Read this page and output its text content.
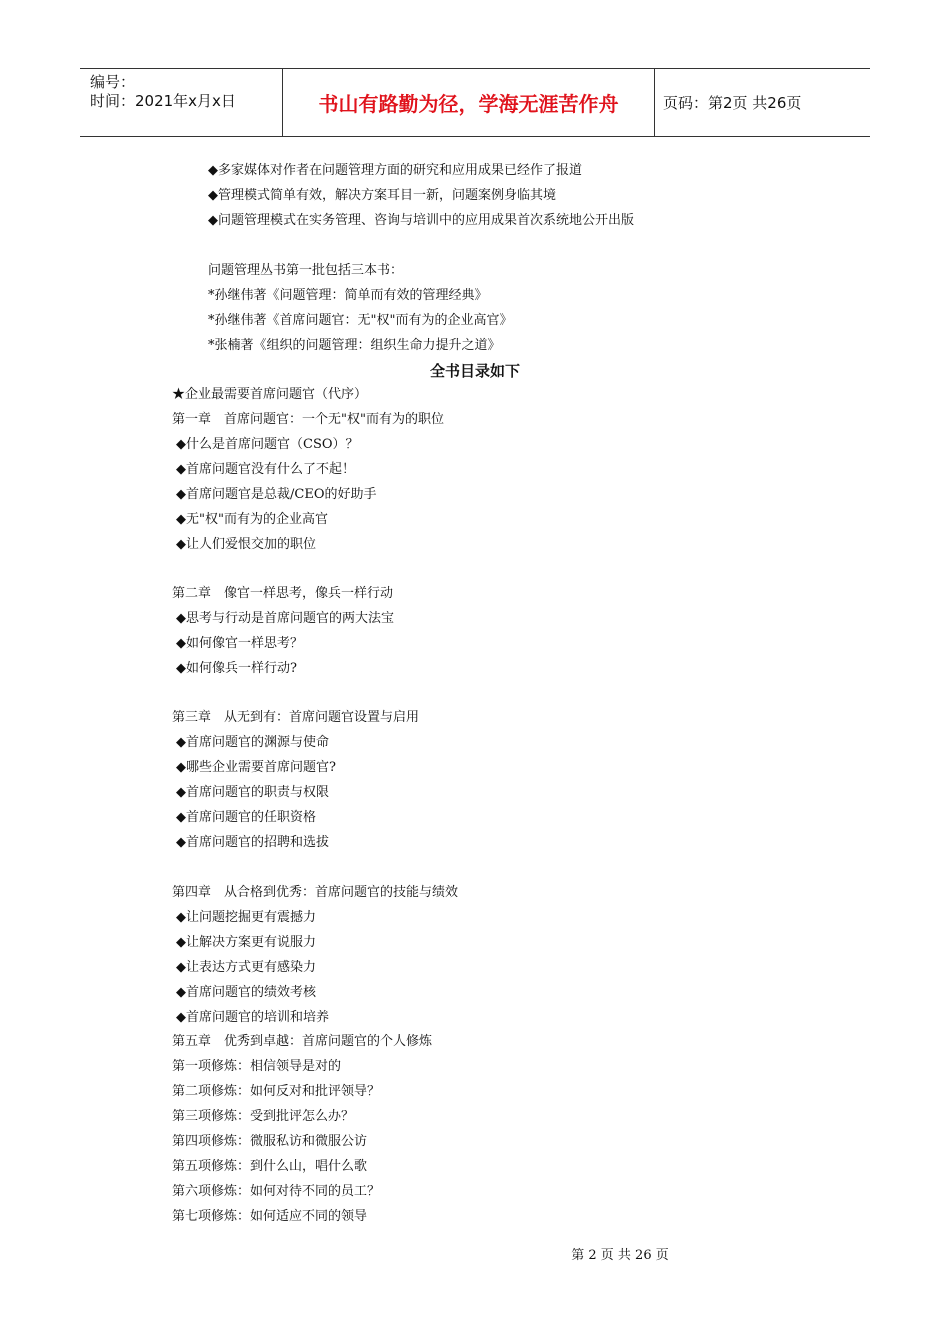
编号：
时间：2021年x月x日	书山有路勤为径，学海无涯苦作舟	页码：第2页 共26页
◆多家媒体对作者在问题管理方面的研究和应用成果已经作了报道
◆管理模式简单有效，解决方案耳目一新，问题案例身临其境
◆问题管理模式在实务管理、咨询与培训中的应用成果首次系统地公开出版
问题管理丛书第一批包括三本书：
*孙继伟著《问题管理：简单而有效的管理经典》
*孙继伟著《首席问题官：无"权"而有为的企业高官》
*张楠著《组织的问题管理：组织生命力提升之道》
全书目录如下
★企业最需要首席问题官（代序）
第一章　首席问题官：一个无"权"而有为的职位
◆什么是首席问题官（CSO）？
◆首席问题官没有什么了不起！
◆首席问题官是总裁/CEO的好助手
◆无"权"而有为的企业高官
◆让人们爱恨交加的职位
第二章　像官一样思考，像兵一样行动
◆思考与行动是首席问题官的两大法宝
◆如何像官一样思考？
◆如何像兵一样行动?
第三章　从无到有：首席问题官设置与启用
◆首席问题官的渊源与使命
◆哪些企业需要首席问题官?
◆首席问题官的职责与权限
◆首席问题官的任职资格
◆首席问题官的招聘和选拔
第四章　从合格到优秀：首席问题官的技能与绩效
◆让问题挖掘更有震撼力
◆让解决方案更有说服力
◆让表达方式更有感染力
◆首席问题官的绩效考核
◆首席问题官的培训和培养
第五章　优秀到卓越：首席问题官的个人修炼
第一项修炼：相信领导是对的
第二项修炼：如何反对和批评领导？
第三项修炼：受到批评怎么办？
第四项修炼：微服私访和微服公访
第五项修炼：到什么山，唱什么歌
第六项修炼：如何对待不同的员工？
第七项修炼：如何适应不同的领导
第 2 页 共 26 页
